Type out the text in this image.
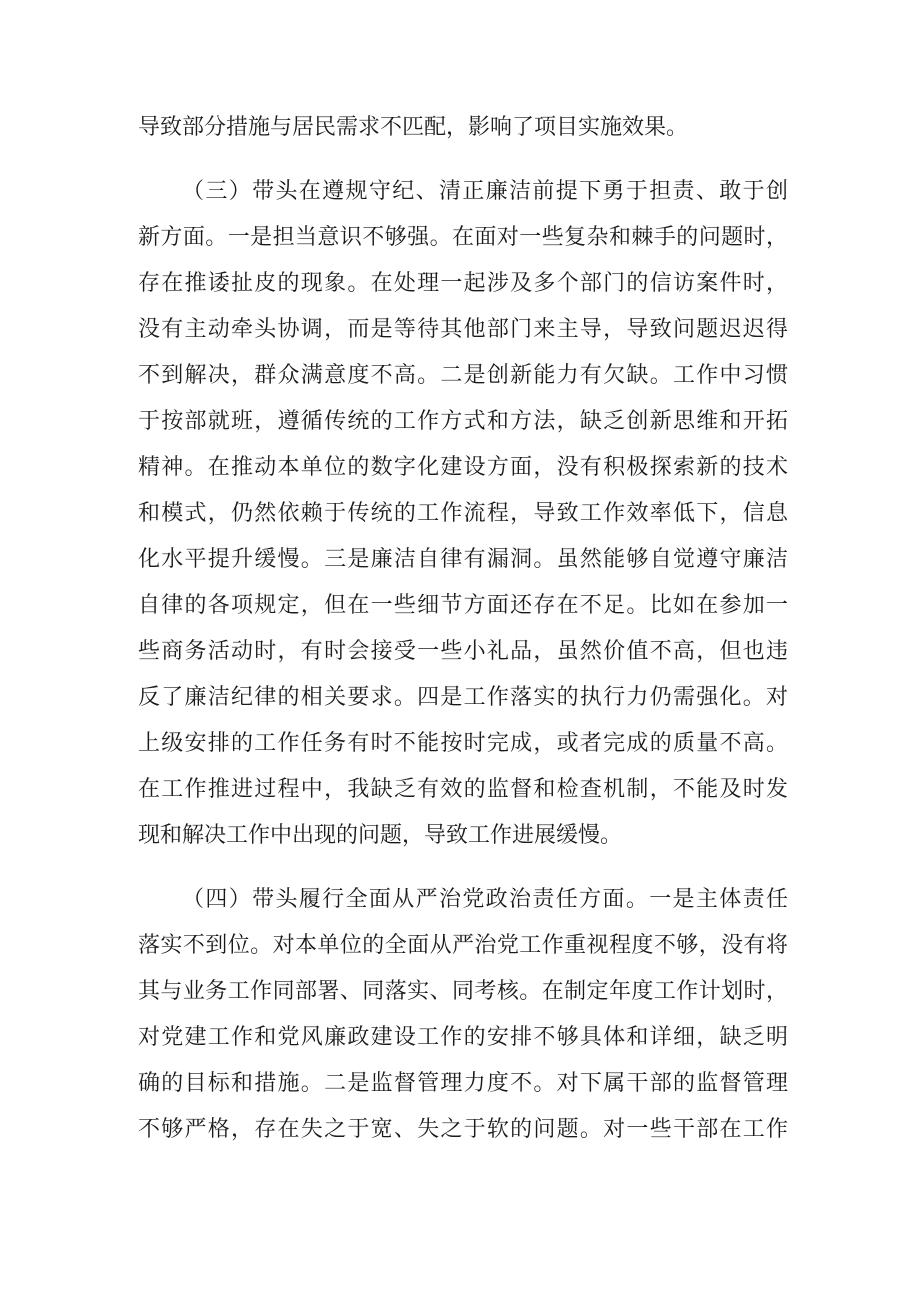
导致部分措施与居民需求不匹配，影响了项目实施效果。
（三）带头在遵规守纪、清正廉洁前提下勇于担责、敢于创
新方面。一是担当意识不够强。在面对一些复杂和棘手的问题时，
存在推诿扯皮的现象。在处理一起涉及多个部门的信访案件时，
没有主动牵头协调，而是等待其他部门来主导，导致问题迟迟得
不到解决，群众满意度不高。二是创新能力有欠缺。工作中习惯
于按部就班，遵循传统的工作方式和方法，缺乏创新思维和开拓
精神。在推动本单位的数字化建设方面，没有积极探索新的技术
和模式，仍然依赖于传统的工作流程，导致工作效率低下，信息
化水平提升缓慢。三是廉洁自律有漏洞。虽然能够自觉遵守廉洁
自律的各项规定，但在一些细节方面还存在不足。比如在参加一
些商务活动时，有时会接受一些小礼品，虽然价值不高，但也违
反了廉洁纪律的相关要求。四是工作落实的执行力仍需强化。对
上级安排的工作任务有时不能按时完成，或者完成的质量不高。
在工作推进过程中，我缺乏有效的监督和检查机制，不能及时发
现和解决工作中出现的问题，导致工作进展缓慢。
（四）带头履行全面从严治党政治责任方面。一是主体责任
落实不到位。对本单位的全面从严治党工作重视程度不够，没有将
其与业务工作同部署、同落实、同考核。在制定年度工作计划时，
对党建工作和党风廉政建设工作的安排不够具体和详细，缺乏明
确的目标和措施。二是监督管理力度不。对下属干部的监督管理
不够严格，存在失之于宽、失之于软的问题。对一些干部在工作
